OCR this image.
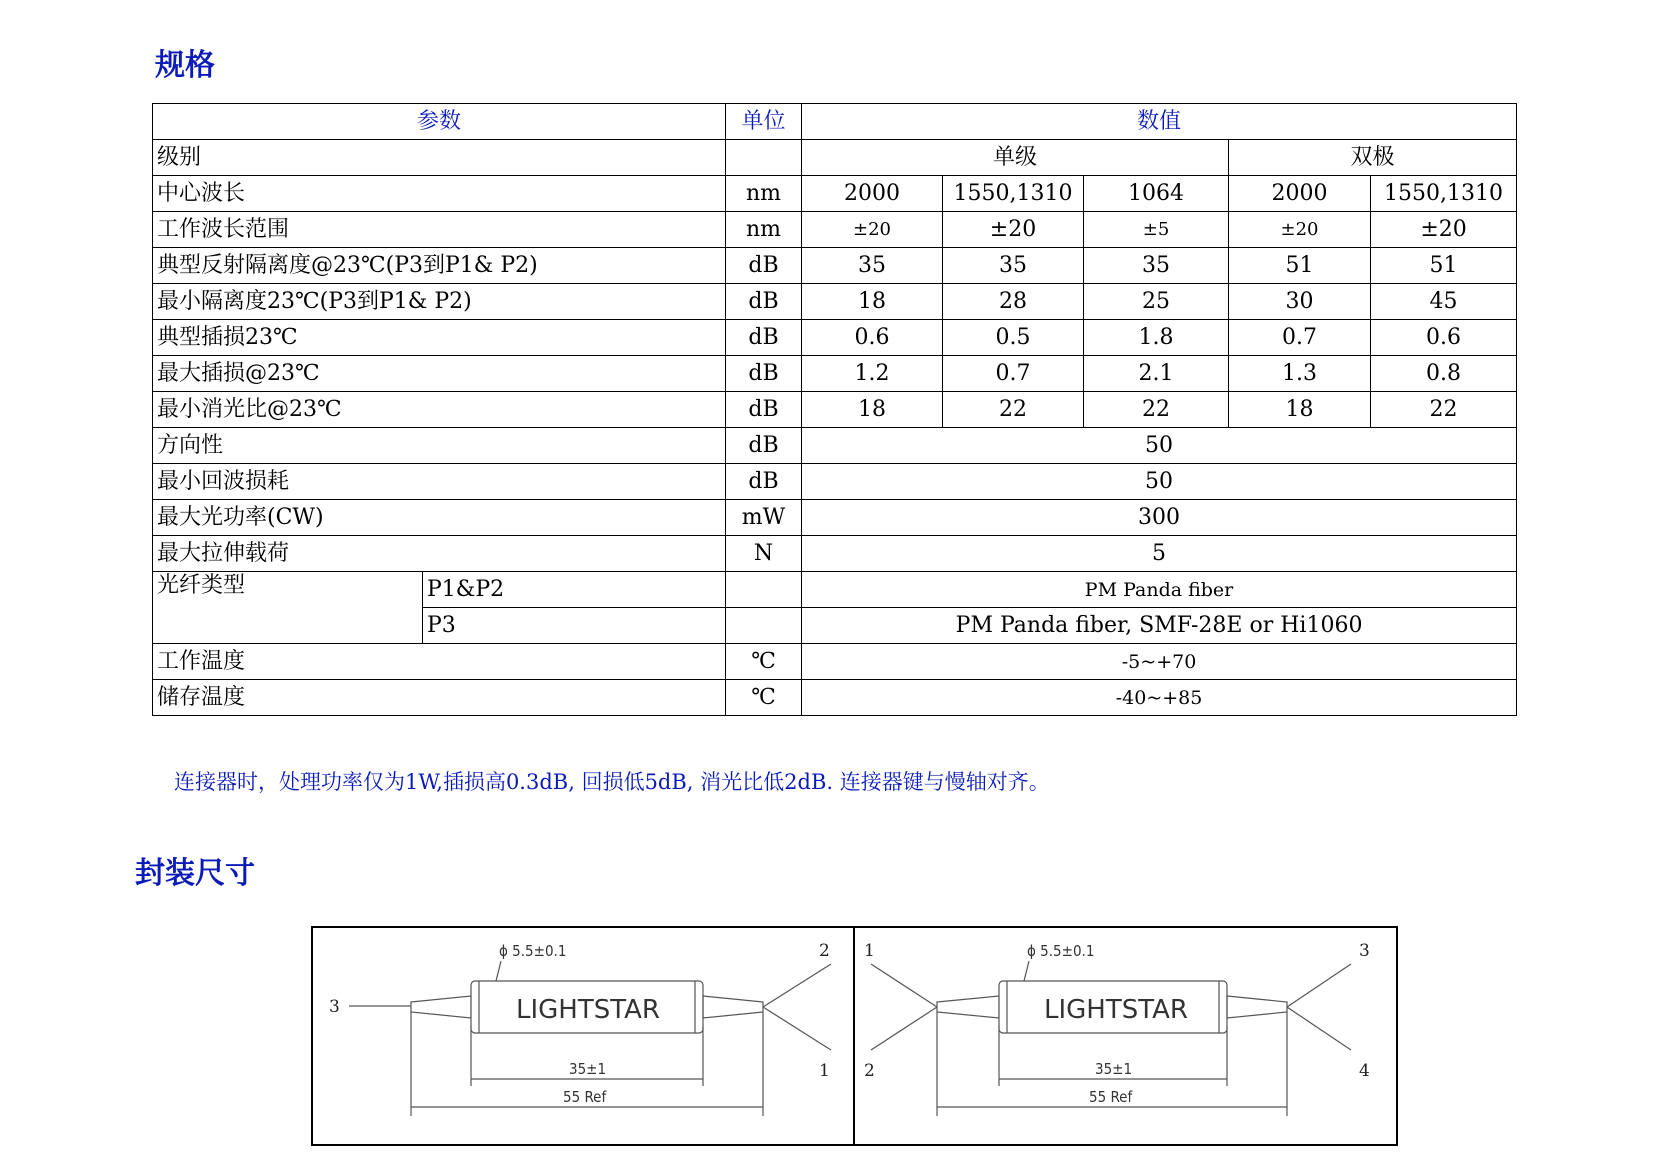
规格
参数		单位	数值				
级别			单级			双极	
中心波长		nm	2000	1550,1310	1064	2000	1550,1310
工作波长范围		nm	±20	±20	±5	±20	±20
典型反射隔离度@23℃(P3到P1& P2)		dB	35	35	35	51	51
最小隔离度23℃(P3到P1& P2)		dB	18	28	25	30	45
典型插损23℃		dB	0.6	0.5	1.8	0.7	0.6
最大插损@23℃		dB	1.2	0.7	2.1	1.3	0.8
最小消光比@23℃		dB	18	22	22	18	22
方向性		dB	50				
最小回波损耗		dB	50				
最大光功率(CW)		mW	300				
最大拉伸载荷		N	5				
光纤类型	P1&P2		PM Panda fiber				
	P3		PM Panda fiber, SMF-28E or Hi1060				
工作温度		℃	-5~+70				
储存温度		℃	-40~+85				

连接器时，处理功率仅为1W,插损高0.3dB, 回损低5dB, 消光比低2dB. 连接器键与慢轴对齐。

封装尺寸
LIGHTSTAR
ϕ 5.5±0.1
35±1
55 Ref
3
2
1
LIGHTSTAR
ϕ 5.5±0.1
35±1
55 Ref
1
2
3
4
